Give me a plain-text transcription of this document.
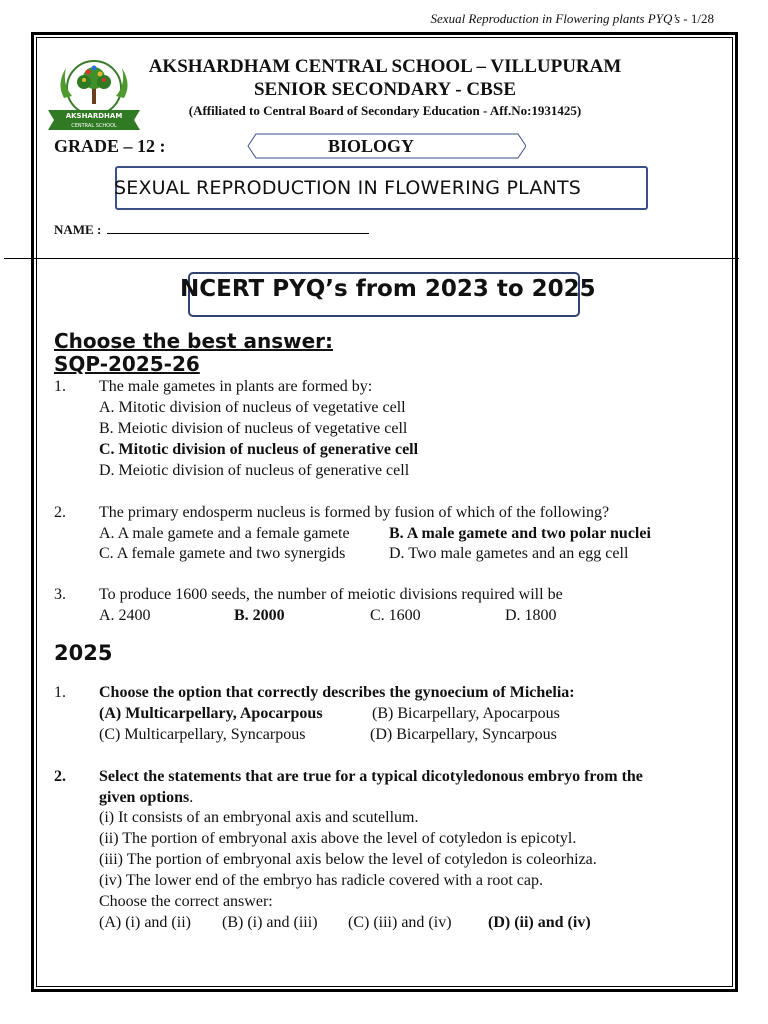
Sexual Reproduction in Flowering plants PYQ’s - 1/28
AKSHARDHAM
CENTRAL SCHOOL
AKSHARDHAM CENTRAL SCHOOL – VILLUPURAM
SENIOR SECONDARY - CBSE
(Affiliated to Central Board of Secondary Education - Aff.No:1931425)
GRADE – 12 :	BIOLOGY
SEXUAL REPRODUCTION IN FLOWERING PLANTS
NAME :
NCERT PYQ’s from 2023 to 2025
Choose the best answer:
SQP-2025-26
1. The male gametes in plants are formed by:
A. Mitotic division of nucleus of vegetative cell
B. Meiotic division of nucleus of vegetative cell
C. Mitotic division of nucleus of generative cell
D. Meiotic division of nucleus of generative cell
2. The primary endosperm nucleus is formed by fusion of which of the following?
A. A male gamete and a female gamete B. A male gamete and two polar nuclei
C. A female gamete and two synergids	D. Two male gametes and an egg cell
3. To produce 1600 seeds, the number of meiotic divisions required will be
A. 2400	B. 2000	C. 1600	D. 1800
2025
1. Choose the option that correctly describes the gynoecium of Michelia:
(A) Multicarpellary, Apocarpous	(B) Bicarpellary, Apocarpous
(C) Multicarpellary, Syncarpous	(D) Bicarpellary, Syncarpous
2. Select the statements that are true for a typical dicotyledonous embryo from the
given options.
(i) It consists of an embryonal axis and scutellum.
(ii) The portion of embryonal axis above the level of cotyledon is epicotyl.
(iii) The portion of embryonal axis below the level of cotyledon is coleorhiza.
(iv) The lower end of the embryo has radicle covered with a root cap.
Choose the correct answer:
(A) (i) and (ii) (B) (i) and (iii) (C) (iii) and (iv) (D) (ii) and (iv)
